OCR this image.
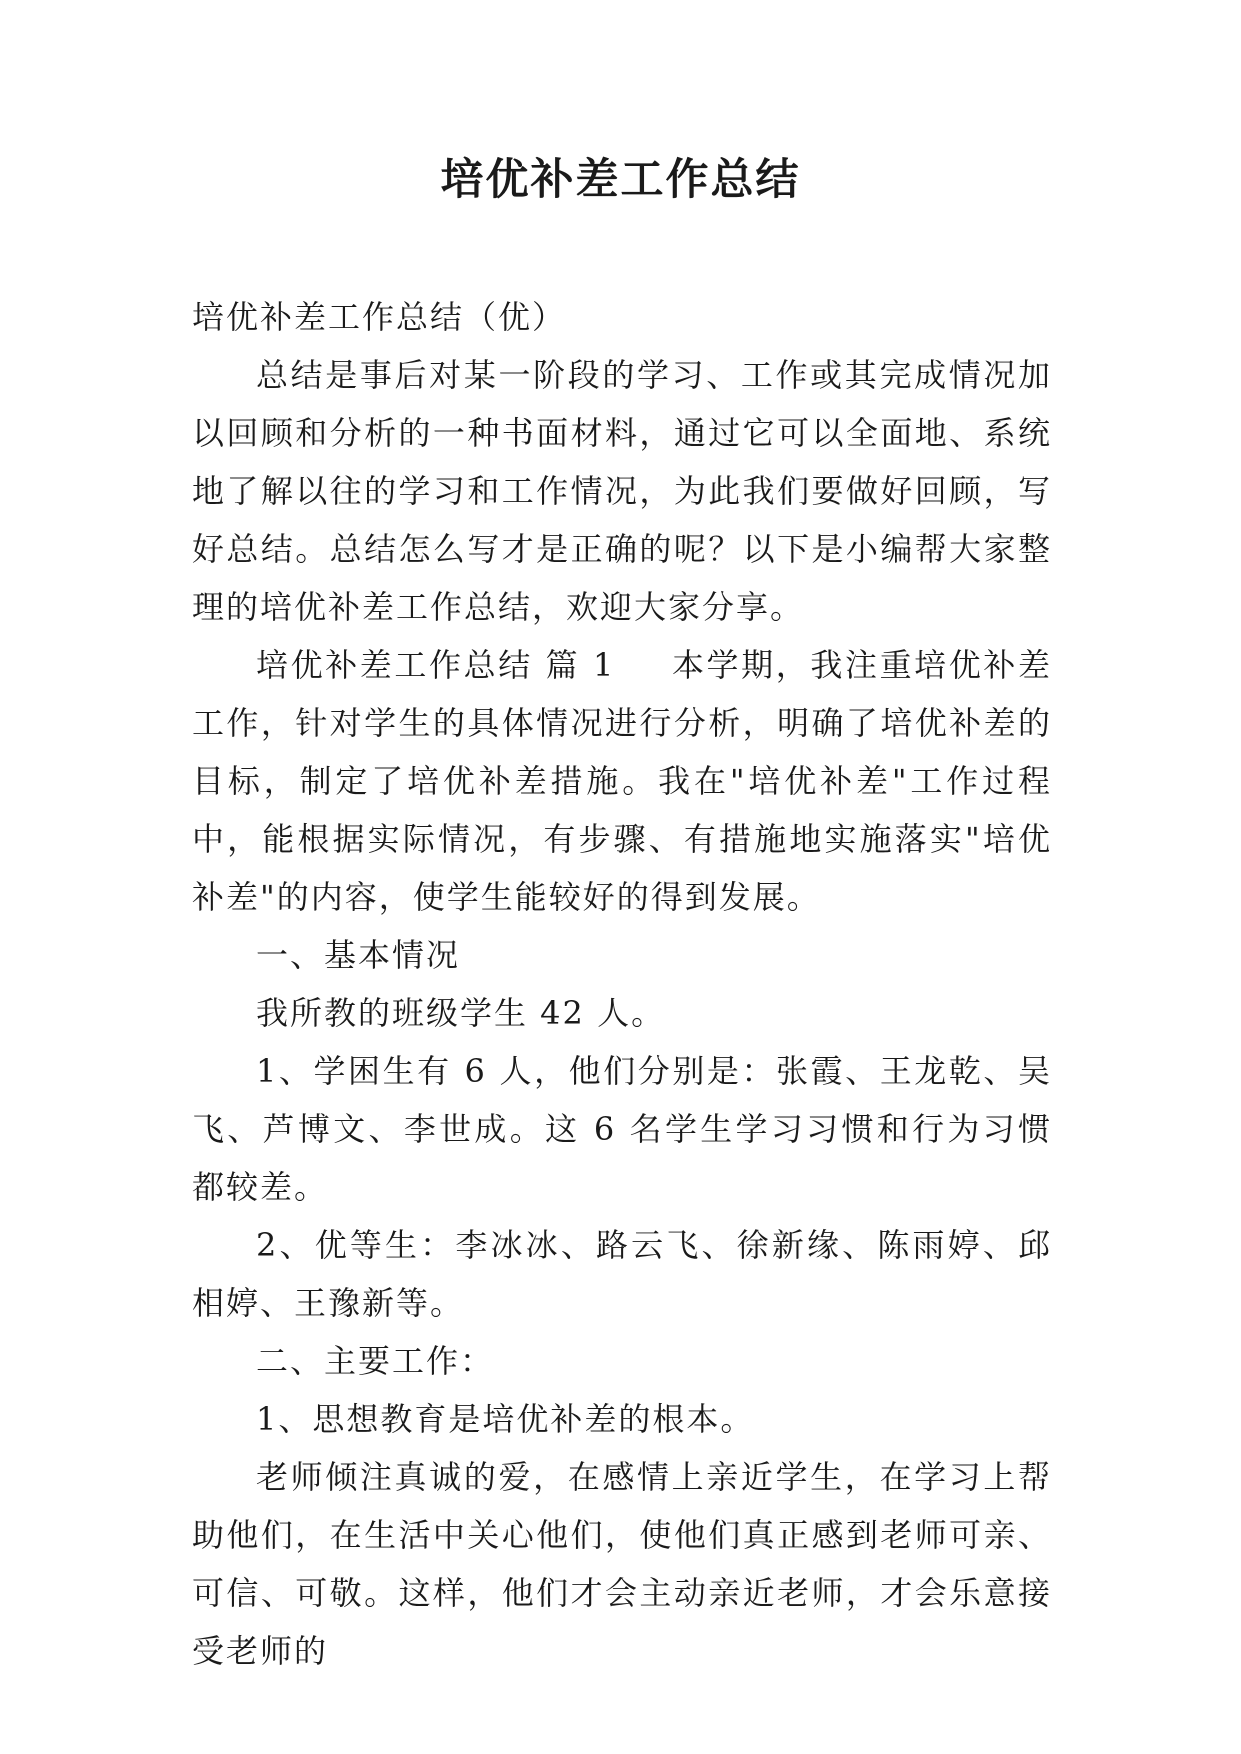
培优补差工作总结

培优补差工作总结（优）

总结是事后对某一阶段的学习、工作或其完成情况加以回顾和分析的一种书面材料，通过它可以全面地、系统地了解以往的学习和工作情况，为此我们要做好回顾，写好总结。总结怎么写才是正确的呢？以下是小编帮大家整理的培优补差工作总结，欢迎大家分享。

培优补差工作总结 篇 1 本学期，我注重培优补差工作，针对学生的具体情况进行分析，明确了培优补差的目标，制定了培优补差措施。我在"培优补差"工作过程中，能根据实际情况，有步骤、有措施地实施落实"培优补差"的内容，使学生能较好的得到发展。

一、基本情况

我所教的班级学生 42 人。

1、学困生有 6 人，他们分别是：张霞、王龙乾、吴飞、芦博文、李世成。这 6 名学生学习习惯和行为习惯都较差。

2、优等生：李冰冰、路云飞、徐新缘、陈雨婷、邱相婷、王豫新等。

二、主要工作：

1、思想教育是培优补差的根本。

老师倾注真诚的爱，在感情上亲近学生，在学习上帮助他们，在生活中关心他们，使他们真正感到老师可亲、可信、可敬。这样，他们才会主动亲近老师，才会乐意接受老师的
